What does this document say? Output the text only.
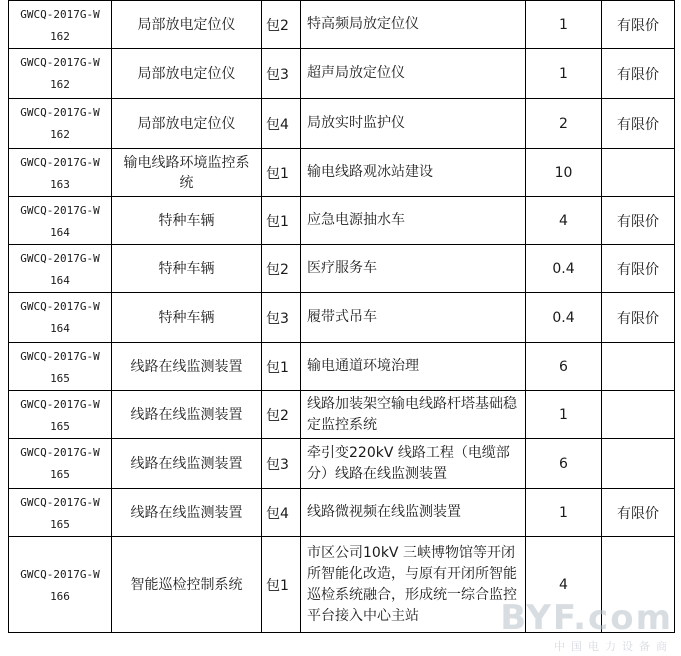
GWCQ-2017G-W
162	局部放电定位仪	包2	特高频局放定位仪	1	有限价

GWCQ-2017G-W
162	局部放电定位仪	包3	超声局放定位仪	1	有限价

GWCQ-2017G-W
162	局部放电定位仪	包4	局放实时监护仪	2	有限价

GWCQ-2017G-W
163	输电线路环境监控系统	包1	输电线路观冰站建设	10	

GWCQ-2017G-W
164	特种车辆	包1	应急电源抽水车	4	有限价

GWCQ-2017G-W
164	特种车辆	包2	医疗服务车	0.4	有限价

GWCQ-2017G-W
164	特种车辆	包3	履带式吊车	0.4	有限价

GWCQ-2017G-W
165	线路在线监测装置	包1	输电通道环境治理	6	

GWCQ-2017G-W
165	线路在线监测装置	包2	线路加装架空输电线路杆塔基础稳定监控系统	1	

GWCQ-2017G-W
165	线路在线监测装置	包3	牵引变220kV 线路工程（电缆部分）线路在线监测装置	6	

GWCQ-2017G-W
165	线路在线监测装置	包4	线路微视频在线监测装置	1	有限价

GWCQ-2017G-W
166	智能巡检控制系统	包1	市区公司10kV 三峡博物馆等开闭所智能化改造，与原有开闭所智能巡检系统融合，形成统一综合监控平台接入中心主站	4	
BYF.com
中国电力设备商
